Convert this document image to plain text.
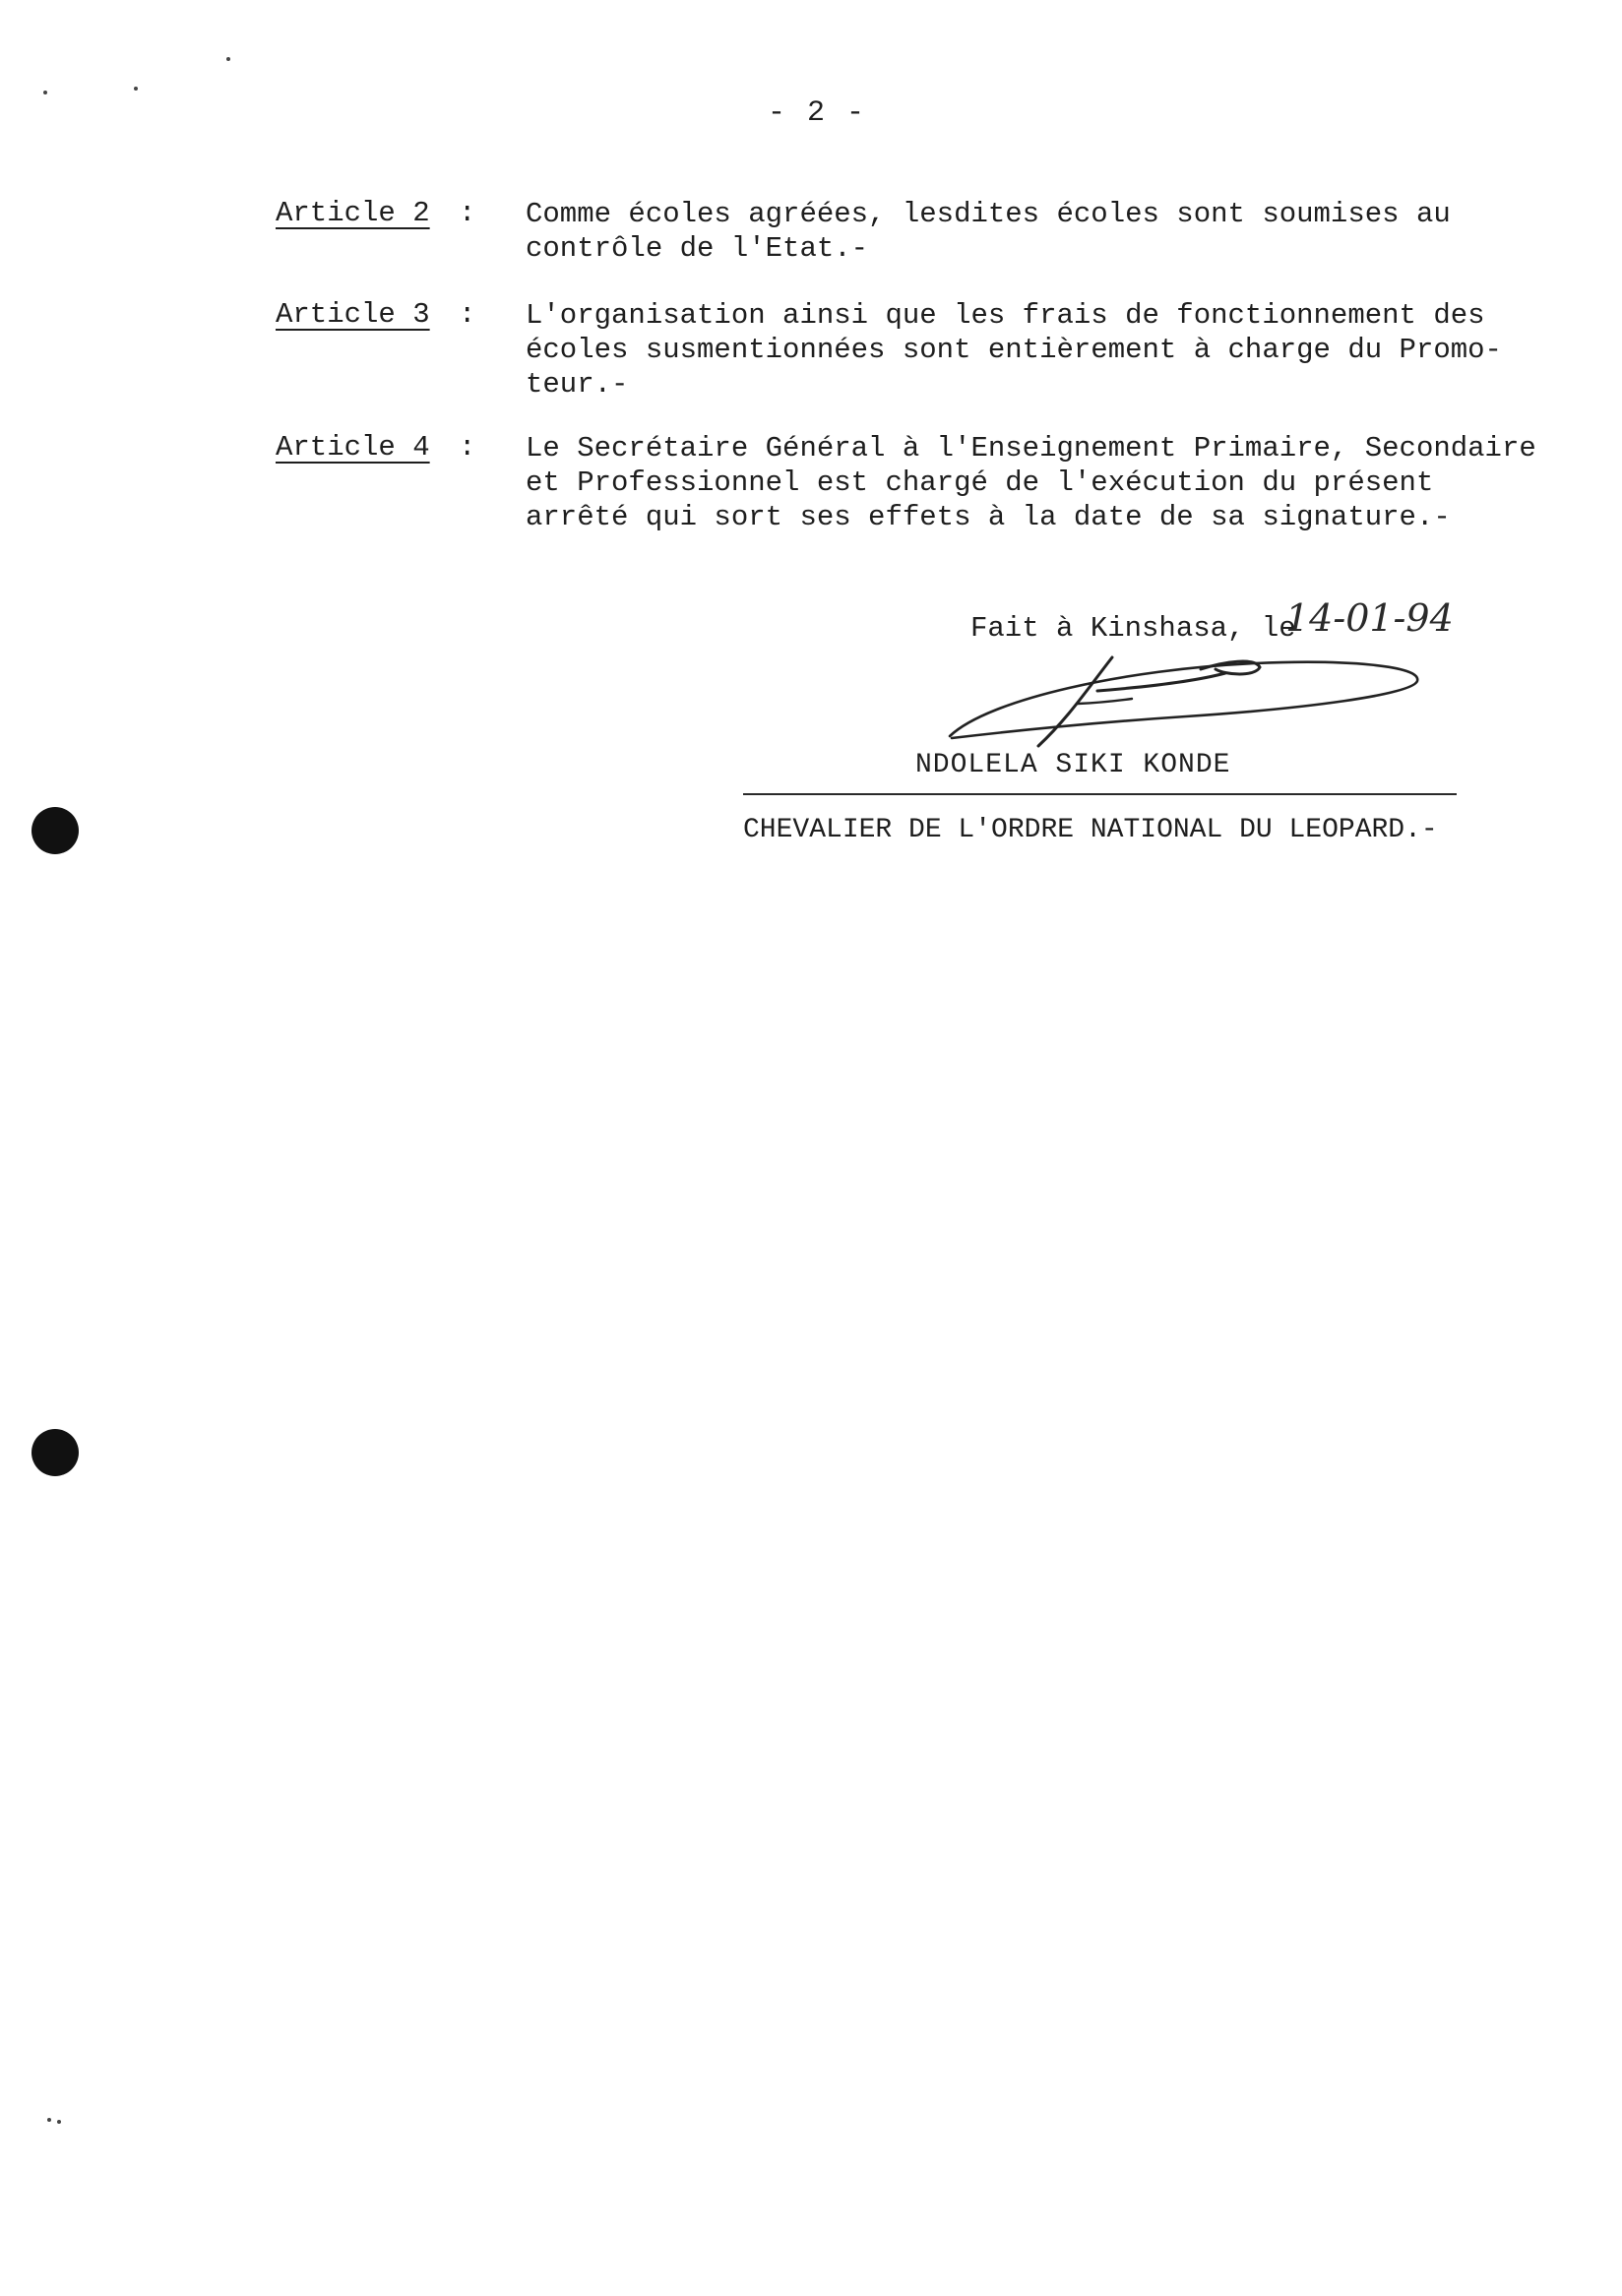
- 2 -
Article 2 : Comme écoles agréées, lesdites écoles sont soumises au
contrôle de l'Etat.-
Article 3 : L'organisation ainsi que les frais de fonctionnement des
écoles susmentionnées sont entièrement à charge du Promo-
teur.-
Article 4 : Le Secrétaire Général à l'Enseignement Primaire, Secondaire
et Professionnel est chargé de l'exécution du présent
arrêté qui sort ses effets à la date de sa signature.-
Fait à Kinshasa, le
14-01-94
NDOLELA SIKI KONDE
CHEVALIER DE L'ORDRE NATIONAL DU LEOPARD.-
